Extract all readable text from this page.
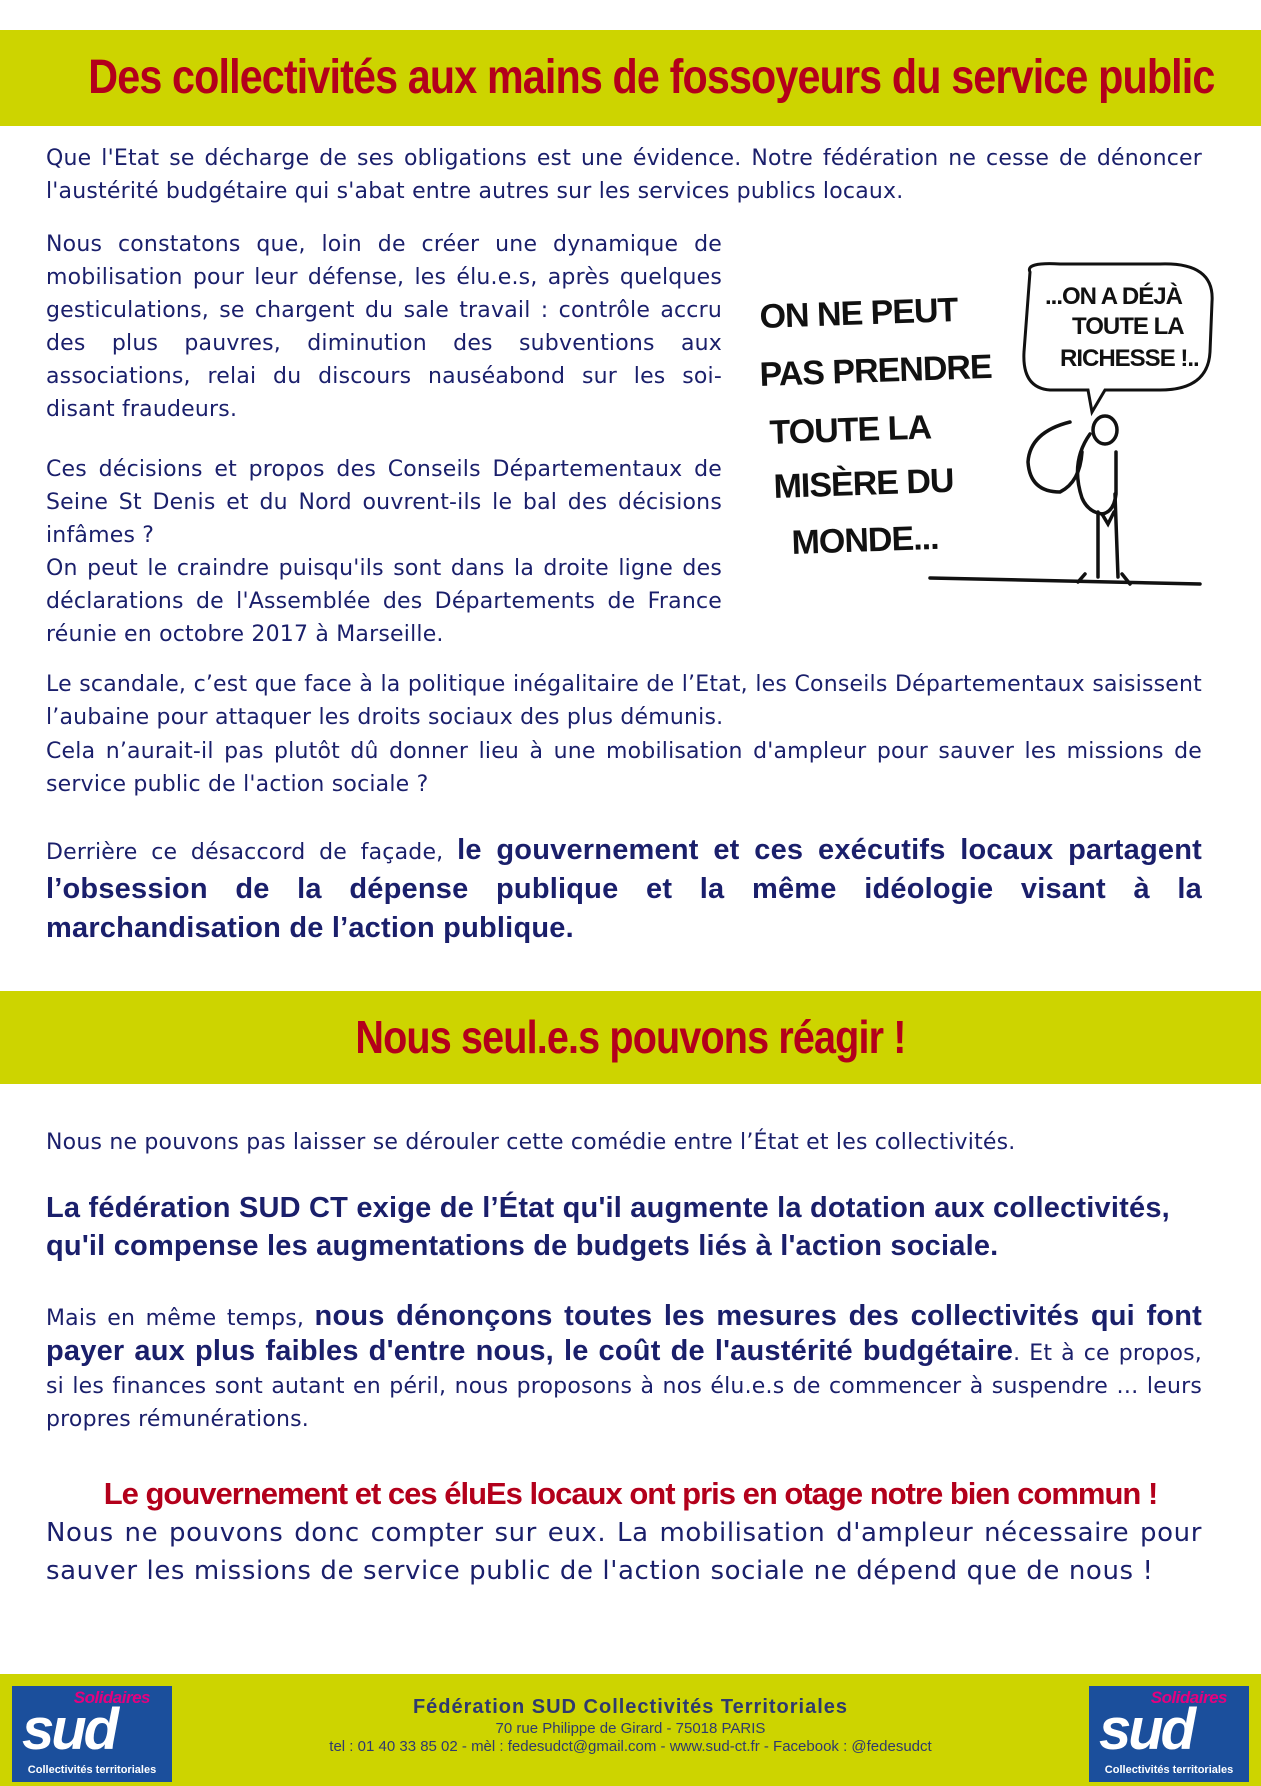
Des collectivités aux mains de fossoyeurs du service public

Que l'Etat se décharge de ses obligations est une évidence. Notre fédération ne cesse de dénoncer l'austérité budgétaire qui s'abat entre autres sur les services publics locaux.

Nous constatons que, loin de créer une dynamique de mobilisation pour leur défense, les élu.e.s, après quelques gesticulations, se chargent du sale travail : contrôle accru des plus pauvres, diminution des subventions aux associations, relai du discours nauséabond sur les soi-disant fraudeurs.

Ces décisions et propos des Conseils Départementaux de Seine St Denis et du Nord ouvrent-ils le bal des décisions infâmes ?

On peut le craindre puisqu'ils sont dans la droite ligne des déclarations de l'Assemblée des Départements de France réunie en octobre 2017 à Marseille.

ON NE PEUT
PAS PRENDRE
TOUTE LA
MISÈRE DU
MONDE...
...ON A DÉJÀ
TOUTE LA
RICHESSE !..

Le scandale, c’est que face à la politique inégalitaire de l’Etat, les Conseils Départementaux saisissent l’aubaine pour attaquer les droits sociaux des plus démunis.

Cela n’aurait-il pas plutôt dû donner lieu à une mobilisation d'ampleur pour sauver les missions de service public de l'action sociale ?

Derrière ce désaccord de façade, le gouvernement et ces exécutifs locaux partagent l’obsession de la dépense publique et la même idéologie visant à la marchandisation de l’action publique.

Nous seul.e.s pouvons réagir !

Nous ne pouvons pas laisser se dérouler cette comédie entre l’État et les collectivités.

La fédération SUD CT exige de l’État qu'il augmente la dotation aux collectivités, qu'il compense les augmentations de budgets liés à l'action sociale.

Mais en même temps, nous dénonçons toutes les mesures des collectivités qui font payer aux plus faibles d'entre nous, le coût de l'austérité budgétaire. Et à ce propos, si les finances sont autant en péril, nous proposons à nos élu.e.s de commencer à suspendre … leurs propres rémunérations.

Le gouvernement et ces éluEs locaux ont pris en otage notre bien commun !

Nous ne pouvons donc compter sur eux. La mobilisation d'ampleur nécessaire pour sauver les missions de service public de l'action sociale ne dépend que de nous !

Solidaires
sud
Collectivités territoriales
Fédération SUD Collectivités Territoriales
70 rue Philippe de Girard - 75018 PARIS
tel : 01 40 33 85 02 - mèl : fedesudct@gmail.com - www.sud-ct.fr - Facebook : @fedesudct
Solidaires
sud
Collectivités territoriales
